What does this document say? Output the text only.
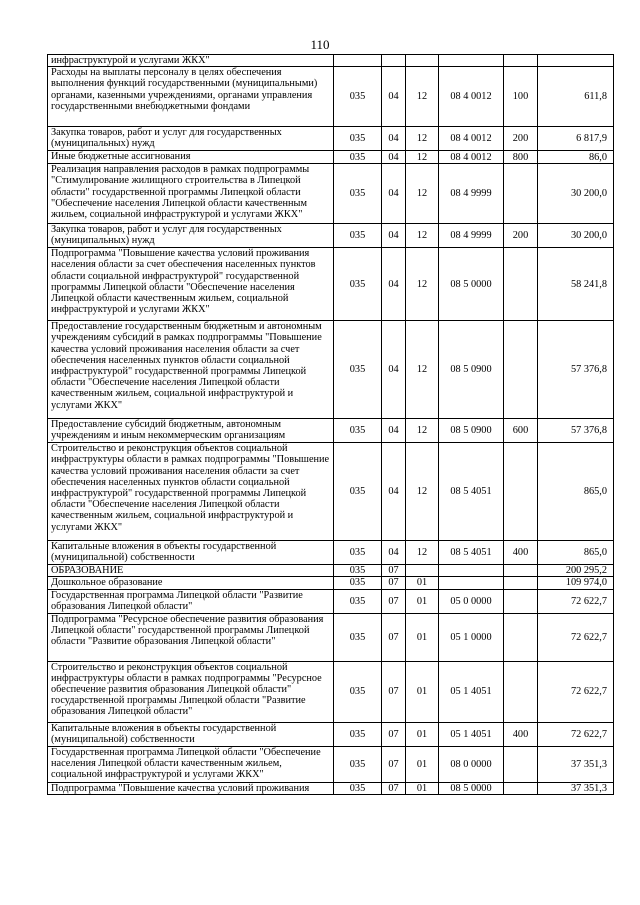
110
инфраструктурой и услугами ЖКХ"						
Расходы на выплаты персоналу в целях обеспечения выполнения функций государственными (муниципальными) органами, казенными учреждениями, органами управления государственными внебюджетными фондами	035	04	12	08 4 0012	100	611,8
Закупка товаров, работ и услуг для государственных (муниципальных) нужд	035	04	12	08 4 0012	200	6 817,9
Иные бюджетные ассигнования	035	04	12	08 4 0012	800	86,0
Реализация направления расходов в рамках подпрограммы "Стимулирование жилищного строительства в Липецкой области" государственной программы Липецкой области "Обеспечение населения Липецкой области качественным жильем, социальной инфраструктурой и услугами ЖКХ"	035	04	12	08 4 9999		30 200,0
Закупка товаров, работ и услуг для государственных (муниципальных) нужд	035	04	12	08 4 9999	200	30 200,0
Подпрограмма "Повышение качества условий проживания населения области за счет обеспечения населенных пунктов области социальной инфраструктурой" государственной программы Липецкой области "Обеспечение населения Липецкой области качественным жильем, социальной инфраструктурой и услугами ЖКХ"	035	04	12	08 5 0000		58 241,8
Предоставление государственным бюджетным и автономным учреждениям субсидий в рамках подпрограммы "Повышение качества условий проживания населения области за счет обеспечения населенных пунктов области социальной инфраструктурой" государственной программы Липецкой области "Обеспечение населения Липецкой области качественным жильем, социальной инфраструктурой и услугами ЖКХ"	035	04	12	08 5 0900		57 376,8
Предоставление субсидий бюджетным, автономным учреждениям и иным некоммерческим организациям	035	04	12	08 5 0900	600	57 376,8
Строительство и реконструкция объектов социальной инфраструктуры области в рамках подпрограммы "Повышение качества условий проживания населения области за счет обеспечения населенных пунктов области социальной инфраструктурой" государственной программы Липецкой области "Обеспечение населения Липецкой области качественным жильем, социальной инфраструктурой и услугами ЖКХ"	035	04	12	08 5 4051		865,0
Капитальные вложения в объекты государственной (муниципальной) собственности	035	04	12	08 5 4051	400	865,0
ОБРАЗОВАНИЕ	035	07				200 295,2
Дошкольное образование	035	07	01			109 974,0
Государственная программа Липецкой области "Развитие образования Липецкой области"	035	07	01	05 0 0000		72 622,7
Подпрограмма "Ресурсное обеспечение развития образования Липецкой области" государственной программы Липецкой области "Развитие образования Липецкой области"	035	07	01	05 1 0000		72 622,7
Строительство и реконструкция объектов социальной инфраструктуры области в рамках подпрограммы "Ресурсное обеспечение развития образования Липецкой области" государственной программы Липецкой области "Развитие образования Липецкой области"	035	07	01	05 1 4051		72 622,7
Капитальные вложения в объекты государственной (муниципальной) собственности	035	07	01	05 1 4051	400	72 622,7
Государственная программа Липецкой области "Обеспечение населения Липецкой области качественным жильем, социальной инфраструктурой и услугами ЖКХ"	035	07	01	08 0 0000		37 351,3
Подпрограмма "Повышение качества условий проживания	035	07	01	08 5 0000		37 351,3
